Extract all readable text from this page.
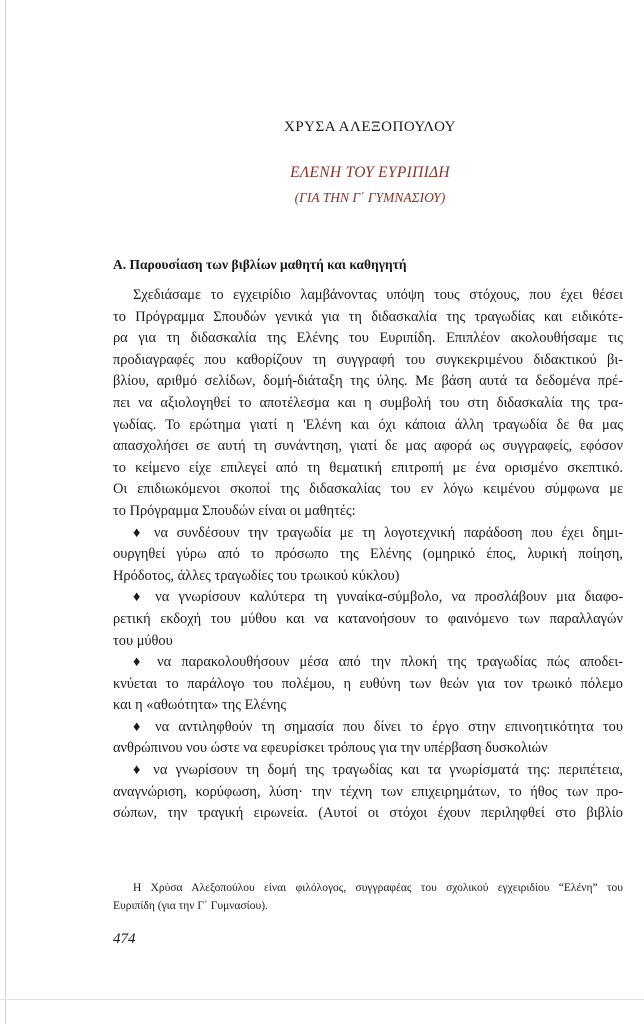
ΧΡΥΣΑ ΑΛΕΞΟΠΟΥΛΟΥ
ΕΛΕΝΗ ΤΟΥ ΕΥΡΙΠΙΔΗ
(ΓΙΑ ΤΗΝ Γ΄ ΓΥΜΝΑΣΙΟΥ)
Α. Παρουσίαση των βιβλίων μαθητή και καθηγητή
Σχεδιάσαμε το εγχειρίδιο λαμβάνοντας υπόψη τους στόχους, που έχει θέσει
το Πρόγραμμα Σπουδών γενικά για τη διδασκαλία της τραγωδίας και ειδικότε-
ρα για τη διδασκαλία της Ελένης του Ευριπίδη. Επιπλέον ακολουθήσαμε τις
προδιαγραφές που καθορίζουν τη συγγραφή του συγκεκριμένου διδακτικού βι-
βλίου, αριθμό σελίδων, δομή-διάταξη της ύλης. Με βάση αυτά τα δεδομένα πρέ-
πει να αξιολογηθεί το αποτέλεσμα και η συμβολή του στη διδασκαλία της τρα-
γωδίας. Το ερώτημα γιατί η 'Ελένη και όχι κάποια άλλη τραγωδία δε θα μας
απασχολήσει σε αυτή τη συνάντηση, γιατί δε μας αφορά ως συγγραφείς, εφόσον
το κείμενο είχε επιλεγεί από τη θεματική επιτροπή με ένα ορισμένο σκεπτικό.
Οι επιδιωκόμενοι σκοποί της διδασκαλίας του εν λόγω κειμένου σύμφωνα με
το Πρόγραμμα Σπουδών είναι οι μαθητές:
♦ να συνδέσουν την τραγωδία με τη λογοτεχνική παράδοση που έχει δημι-
ουργηθεί γύρω από το πρόσωπο της Ελένης (ομηρικό έπος, λυρική ποίηση,
Ηρόδοτος, άλλες τραγωδίες του τρωικού κύκλου)
♦ να γνωρίσουν καλύτερα τη γυναίκα-σύμβολο, να προσλάβουν μια διαφο-
ρετική εκδοχή του μύθου και να κατανοήσουν το φαινόμενο των παραλλαγών
του μύθου
♦ να παρακολουθήσουν μέσα από την πλοκή της τραγωδίας πώς αποδει-
κνύεται το παράλογο του πολέμου, η ευθύνη των θεών για τον τρωικό πόλεμο
και η «αθωότητα» της Ελένης
♦ να αντιληφθούν τη σημασία που δίνει το έργο στην επινοητικότητα του
ανθρώπινου νου ώστε να εφευρίσκει τρόπους για την υπέρβαση δυσκολιών
♦ να γνωρίσουν τη δομή της τραγωδίας και τα γνωρίσματά της: περιπέτεια,
αναγνώριση, κορύφωση, λύση· την τέχνη των επιχειρημάτων, το ήθος των προ-
σώπων, την τραγική ειρωνεία. (Αυτοί οι στόχοι έχουν περιληφθεί στο βιβλίο
Η Χρύσα Αλεξοπούλου είναι φιλόλογος, συγγραφέας του σχολικού εγχειριδίου “Ελένη” του
Ευριπίδη (για την Γ΄ Γυμνασίου).
474
